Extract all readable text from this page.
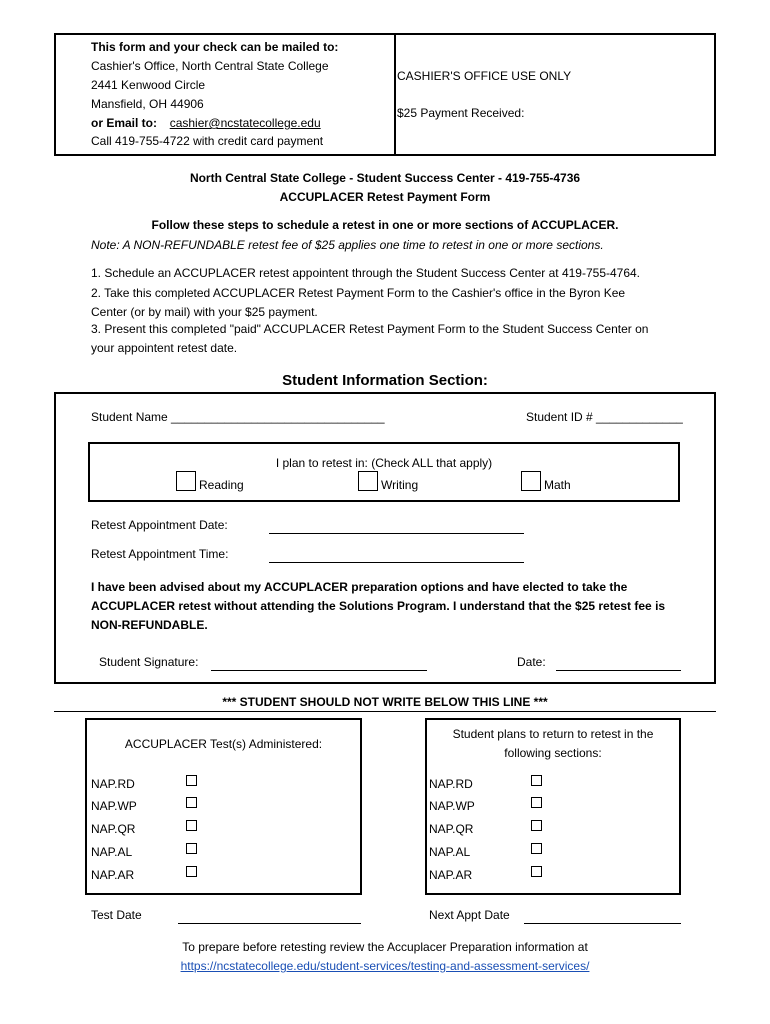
This form and your check can be mailed to:
Cashier's Office, North Central State College
2441 Kenwood Circle
Mansfield, OH 44906
or Email to: cashier@ncstatecollege.edu
Call 419-755-4722 with credit card payment
CASHIER'S OFFICE USE ONLY
$25 Payment Received:
North Central State College - Student Success Center - 419-755-4736
ACCUPLACER Retest Payment Form
Follow these steps to schedule a retest in one or more sections of ACCUPLACER.
Note: A NON-REFUNDABLE retest fee of $25 applies one time to retest in one or more sections.
1. Schedule an ACCUPLACER retest appointent through the Student Success Center at 419-755-4764.
2. Take this completed ACCUPLACER Retest Payment Form to the Cashier's office in the Byron Kee
Center (or by mail) with your $25 payment.
3. Present this completed "paid" ACCUPLACER Retest Payment Form to the Student Success Center on
your appointent retest date.
Student Information Section:
Student Name ________________________________	Student ID # _____________
I plan to retest in: (Check ALL that apply)
Reading	Writing	Math
Retest Appointment Date:
Retest Appointment Time:
I have been advised about my ACCUPLACER preparation options and have elected to take the
ACCUPLACER retest without attending the Solutions Program. I understand that the $25 retest fee is
NON-REFUNDABLE.
Student Signature:	Date:
*** STUDENT SHOULD NOT WRITE BELOW THIS LINE ***
ACCUPLACER Test(s) Administered:
Student plans to return to retest in the
following sections:
NAP.RD
NAP.WP
NAP.QR
NAP.AL
NAP.AR
NAP.RD
NAP.WP
NAP.QR
NAP.AL
NAP.AR
Test Date	Next Appt Date
To prepare before retesting review the Accuplacer Preparation information at
https://ncstatecollege.edu/student-services/testing-and-assessment-services/
